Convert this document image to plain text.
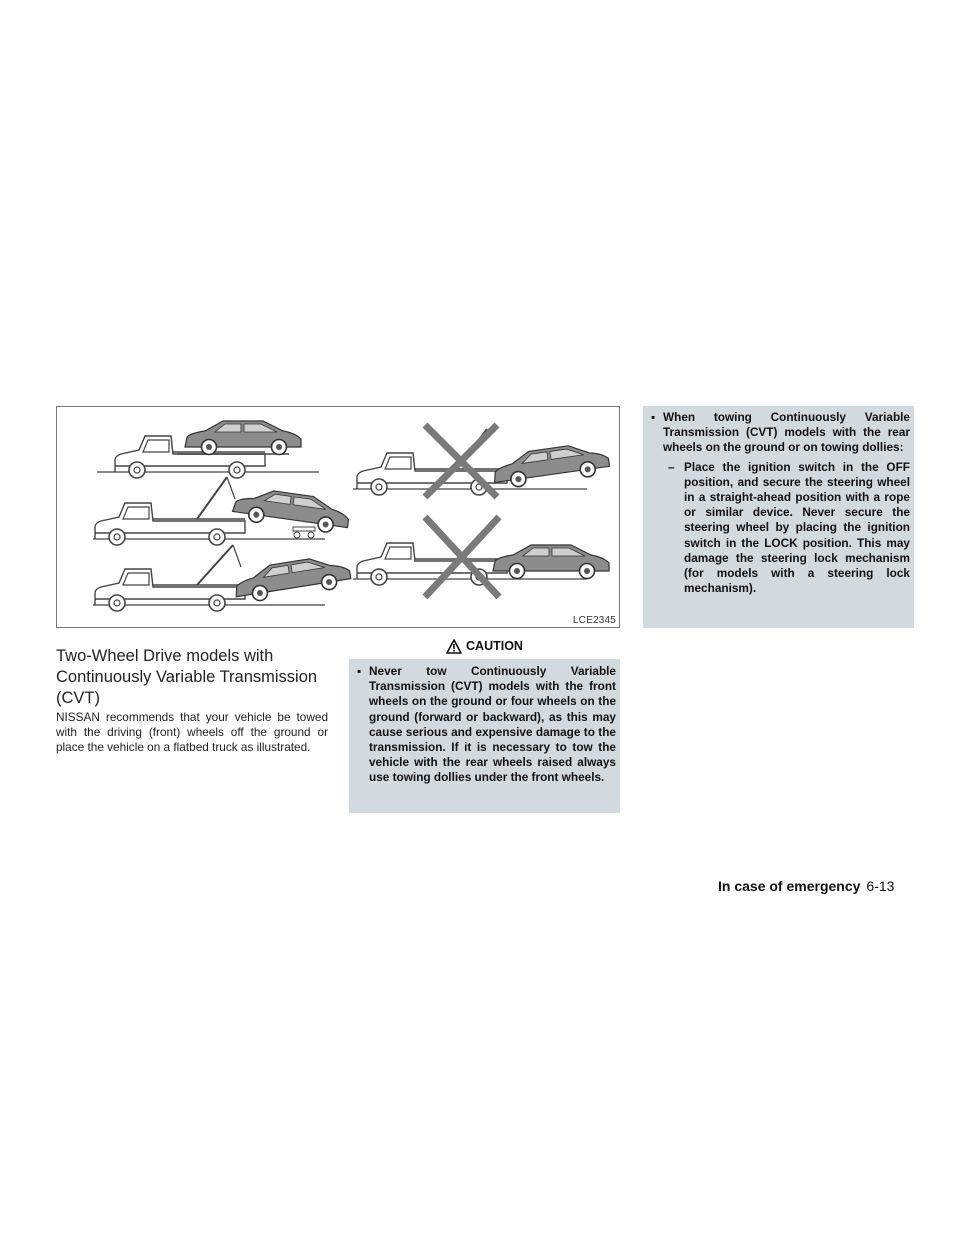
LCE2345
Two-Wheel Drive models with Continuously Variable Transmission (CVT)

NISSAN recommends that your vehicle be towed with the driving (front) wheels off the ground or place the vehicle on a flatbed truck as illustrated.

CAUTION
▪ Never tow Continuously Variable Transmission (CVT) models with the front wheels on the ground or four wheels on the ground (forward or backward), as this may cause serious and expensive damage to the transmission. If it is necessary to tow the vehicle with the rear wheels raised always use towing dollies under the front wheels.
▪ When towing Continuously Variable Transmission (CVT) models with the rear wheels on the ground or on towing dollies:
– Place the ignition switch in the OFF position, and secure the steering wheel in a straight-ahead position with a rope or similar device. Never secure the steering wheel by placing the ignition switch in the LOCK position. This may damage the steering lock mechanism (for models with a steering lock mechanism).
In case of emergency 6-13
